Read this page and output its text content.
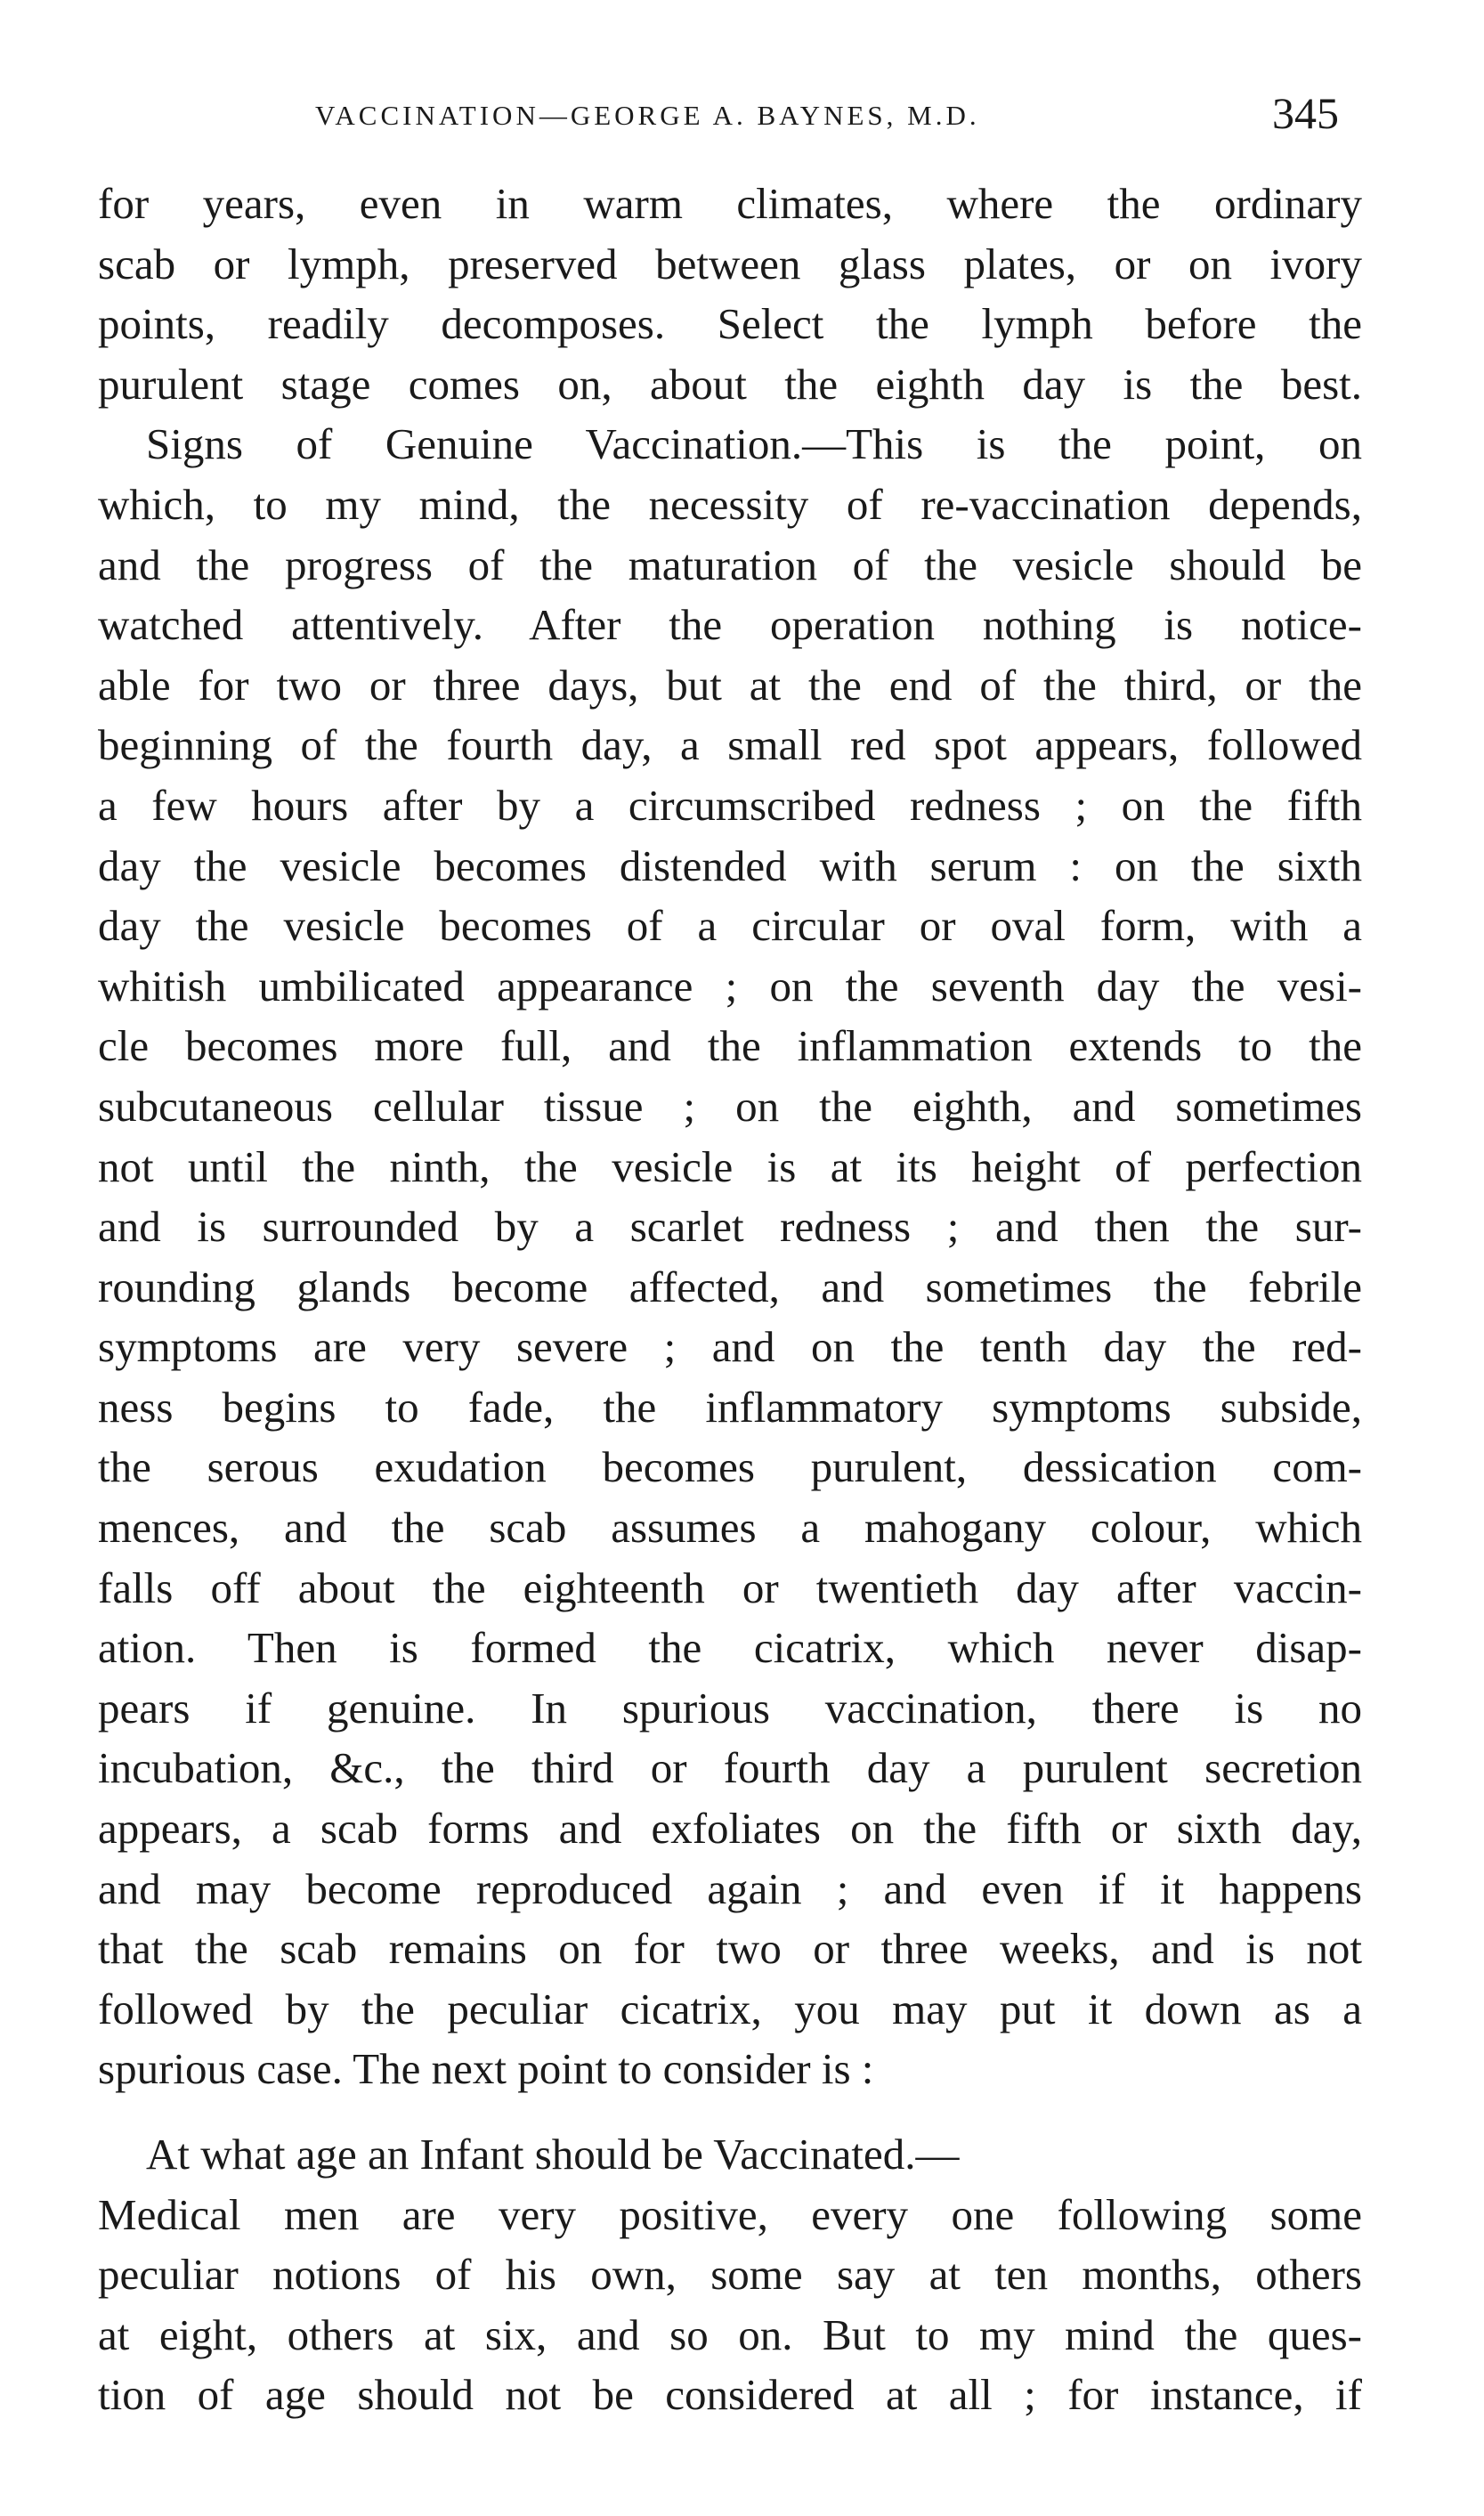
VACCINATION—GEORGE A. BAYNES, M.D.	345
for years, even in warm climates, where the ordinary
scab or lymph, preserved between glass plates, or on ivory
points, readily decomposes. Select the lymph before the
purulent stage comes on, about the eighth day is the best.
Signs of Genuine Vaccination.—This is the point, on
which, to my mind, the necessity of re-vaccination depends,
and the progress of the maturation of the vesicle should be
watched attentively. After the operation nothing is notice-
able for two or three days, but at the end of the third, or the
beginning of the fourth day, a small red spot appears, followed
a few hours after by a circumscribed redness ; on the fifth
day the vesicle becomes distended with serum : on the sixth
day the vesicle becomes of a circular or oval form, with a
whitish umbilicated appearance ; on the seventh day the vesi-
cle becomes more full, and the inflammation extends to the
subcutaneous cellular tissue ; on the eighth, and sometimes
not until the ninth, the vesicle is at its height of perfection
and is surrounded by a scarlet redness ; and then the sur-
rounding glands become affected, and sometimes the febrile
symptoms are very severe ; and on the tenth day the red-
ness begins to fade, the inflammatory symptoms subside,
the serous exudation becomes purulent, dessication com-
mences, and the scab assumes a mahogany colour, which
falls off about the eighteenth or twentieth day after vaccin-
ation. Then is formed the cicatrix, which never disap-
pears if genuine. In spurious vaccination, there is no
incubation, &c., the third or fourth day a purulent secretion
appears, a scab forms and exfoliates on the fifth or sixth day,
and may become reproduced again ; and even if it happens
that the scab remains on for two or three weeks, and is not
followed by the peculiar cicatrix, you may put it down as a
spurious case. The next point to consider is :
At what age an Infant should be Vaccinated.—
Medical men are very positive, every one following some
peculiar notions of his own, some say at ten months, others
at eight, others at six, and so on. But to my mind the ques-
tion of age should not be considered at all ; for instance, if
